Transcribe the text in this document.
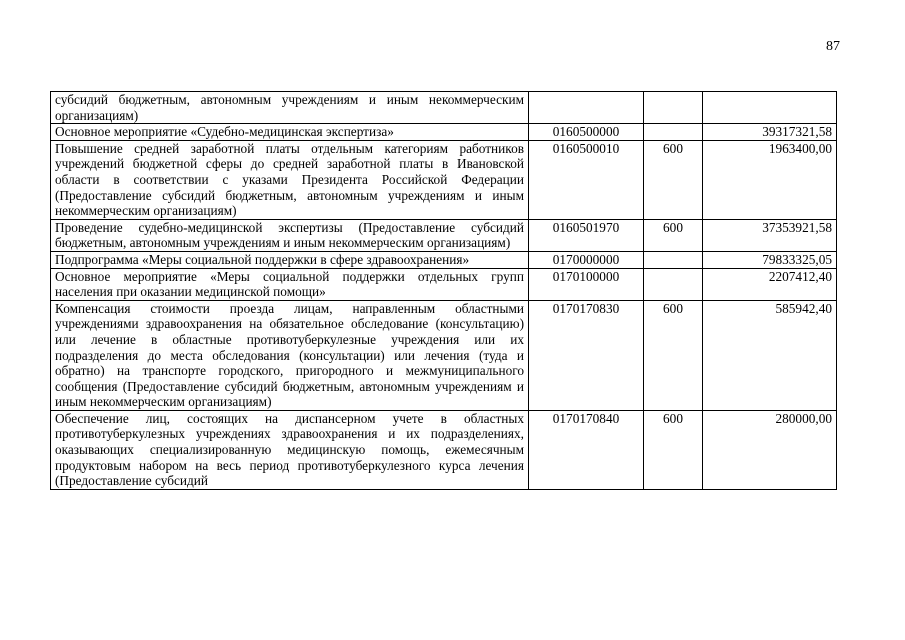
87
субсидий бюджетным, автономным учреждениям и иным некоммерческим организациям)			
Основное мероприятие «Судебно-медицинская экспертиза»	0160500000		39317321,58
Повышение средней заработной платы отдельным категориям работников учреждений бюджетной сферы до средней заработной платы в Ивановской области в соответствии с указами Президента Российской Федерации (Предоставление субсидий бюджетным, автономным учреждениям и иным некоммерческим организациям)	0160500010	600	1963400,00
Проведение судебно-медицинской экспертизы (Предоставление субсидий бюджетным, автономным учреждениям и иным некоммерческим организациям)	0160501970	600	37353921,58
Подпрограмма «Меры социальной поддержки в сфере здравоохранения»	0170000000		79833325,05
Основное мероприятие «Меры социальной поддержки отдельных групп населения при оказании медицинской помощи»	0170100000		2207412,40
Компенсация стоимости проезда лицам, направленным областными учреждениями здравоохранения на обязательное обследование (консультацию) или лечение в областные противотуберкулезные учреждения или их подразделения до места обследования (консультации) или лечения (туда и обратно) на транспорте городского, пригородного и межмуниципального сообщения (Предоставление субсидий бюджетным, автономным учреждениям и иным некоммерческим организациям)	0170170830	600	585942,40
Обеспечение лиц, состоящих на диспансерном учете в областных противотуберкулезных учреждениях здравоохранения и их подразделениях, оказывающих специализированную медицинскую помощь, ежемесячным продуктовым набором на весь период противотуберкулезного курса лечения (Предоставление субсидий	0170170840	600	280000,00
